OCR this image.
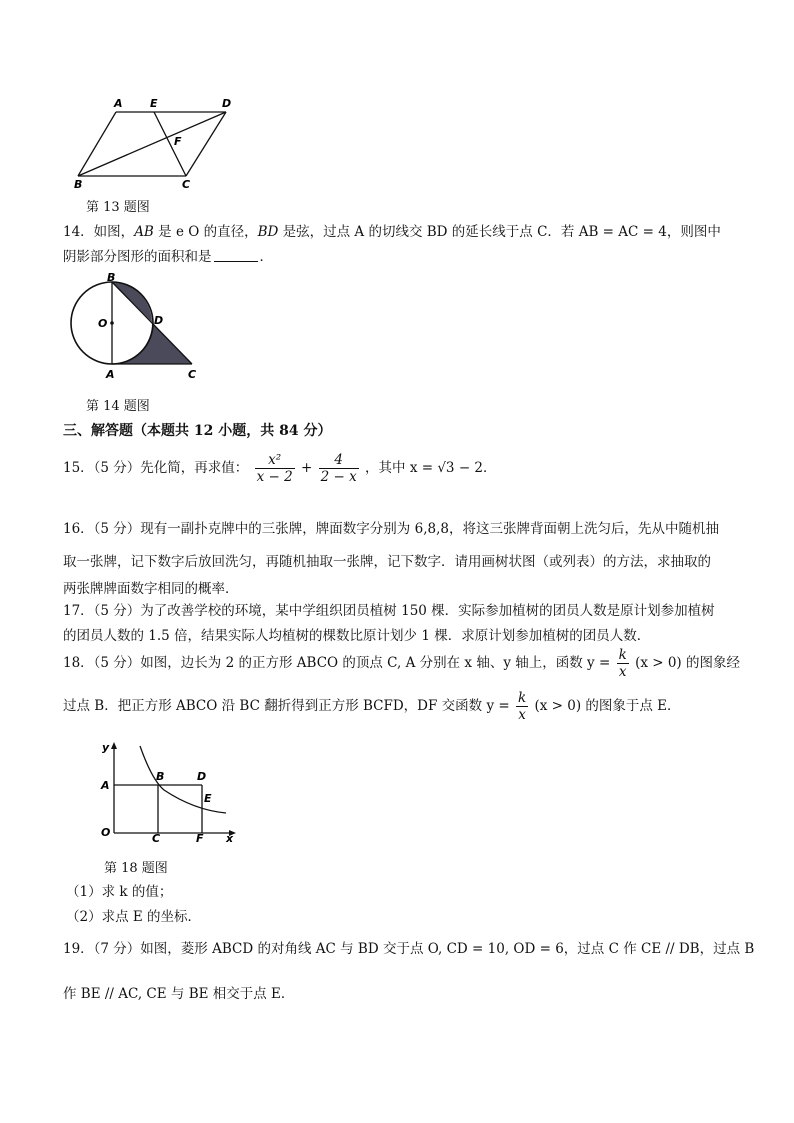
A E	D
F
B	C
第 13 题图
14．如图，AB 是 e O 的直径，BD 是弦，过点 A 的切线交 BD 的延长线于点 C．若 AB = AC = 4，则图中
阴影部分图形的面积和是	．
B
O	D
A	C
第 14 题图
三、解答题（本题共 12 小题，共 84 分）
15．（5 分）先化简，再求值： $\frac{\text{x²}}{x - 2} + \frac{4}{2 - x}$ ，其中 x = √3 − 2．
16．（5 分）现有一副扑克牌中的三张牌，牌面数字分别为 6,8,8，将这三张牌背面朝上洗匀后，先从中随机抽
取一张牌，记下数字后放回洗匀，再随机抽取一张牌，记下数字．请用画树状图（或列表）的方法，求抽取的
两张牌牌面数字相同的概率．
17．（5 分）为了改善学校的环境，某中学组织团员植树 150 棵．实际参加植树的团员人数是原计划参加植树
的团员人数的 1.5 倍，结果实际人均植树的棵数比原计划少 1 棵．求原计划参加植树的团员人数．
18．（5 分）如图，边长为 2 的正方形 ABCO 的顶点 C, A 分别在 x 轴、y 轴上，函数 $y = \frac{k}{x} (x > 0)$ 的图象经
过点 B．把正方形 ABCO 沿 BC 翻折得到正方形 BCFD，DF 交函数 $y = \frac{k}{x} (x > 0)$ 的图象于点 E．
y
A
B	D
E
O	C	F x
第 18 题图
（1）求 k 的值；
（2）求点 E 的坐标．
19．（7 分）如图，菱形 ABCD 的对角线 AC 与 BD 交于点 O, CD = 10, OD = 6，过点 C 作 CE // DB，过点 B
作 BE // AC, CE 与 BE 相交于点 E．
